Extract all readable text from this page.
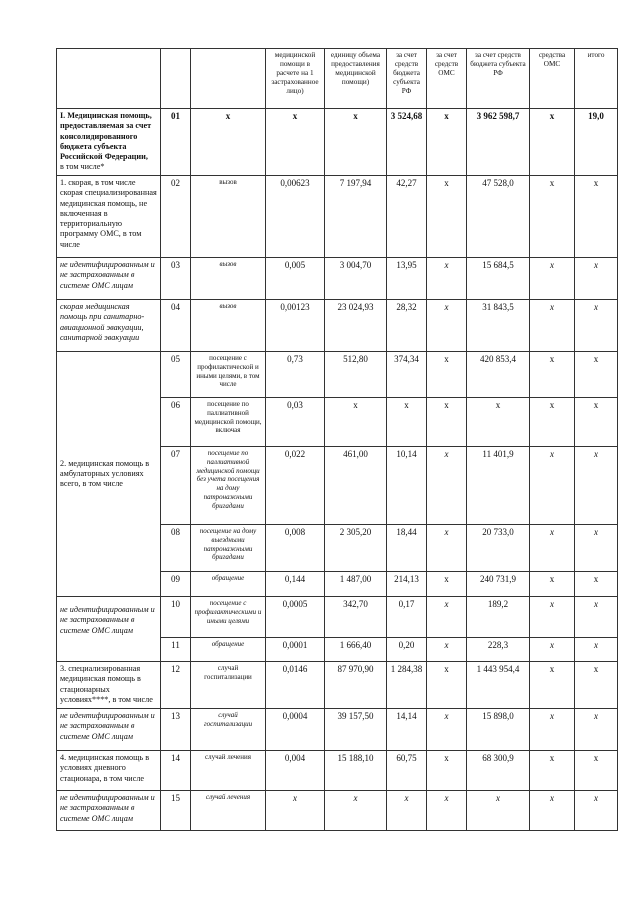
			медицинской помощи в расчете на 1 застрахованное лицо)	единицу объема предоставления медицинской помощи)	за счет средств бюджета субъекта РФ	за счет средств ОМС	за счет средств бюджета субъекта РФ	средства ОМС	итого
I. Медицинская помощь, предоставляемая за счет консолидированного бюджета субъекта Российской Федерации,
в том числе*	01	х	х	х	3 524,68	х	3 962 598,7	х	19,0
1. скорая, в том числе скорая специализированная медицинская помощь, не включенная в территориальную программу ОМС, в том числе	02	вызов	0,00623	7 197,94	42,27	х	47 528,0	х	х
не идентифицированным и не застрахованным в системе ОМС лицам	03	вызов	0,005	3 004,70	13,95	х	15 684,5	х	х
скорая медицинская помощь при санитарно-авиационной эвакуации, санитарной эвакуации	04	вызов	0,00123	23 024,93	28,32	х	31 843,5	х	х
2. медицинская помощь в амбулаторных условиях всего, в том числе	05	посещение с профилактической и иными целями, в том числе	0,73	512,80	374,34	х	420 853,4	х	х
	06	посещение по паллиативной медицинской помощи, включая	0,03	х	х	х	х	х	х
	07	посещение по паллиативной медицинской помощи без учета посещения на дому патронажными бригадами	0,022	461,00	10,14	х	11 401,9	х	х
	08	посещение на дому выездными патронажными бригадами	0,008	2 305,20	18,44	х	20 733,0	х	х
	09	обращение	0,144	1 487,00	214,13	х	240 731,9	х	х
не идентифицированным и не застрахованным в системе ОМС лицам	10	посещение с профилактическими и иными целями	0,0005	342,70	0,17	х	189,2	х	х
	11	обращение	0,0001	1 666,40	0,20	х	228,3	х	х
3. специализированная медицинская помощь в стационарных условиях****, в том числе	12	случай госпитализации	0,0146	87 970,90	1 284,38	х	1 443 954,4	х	х
не идентифицированным и не застрахованным в системе ОМС лицам	13	случай госпитализации	0,0004	39 157,50	14,14	х	15 898,0	х	х
4. медицинская помощь в условиях дневного стационара, в том числе	14	случай лечения	0,004	15 188,10	60,75	х	68 300,9	х	х
не идентифицированным и не застрахованным в системе ОМС лицам	15	случай лечения	х	х	х	х	х	х	х
